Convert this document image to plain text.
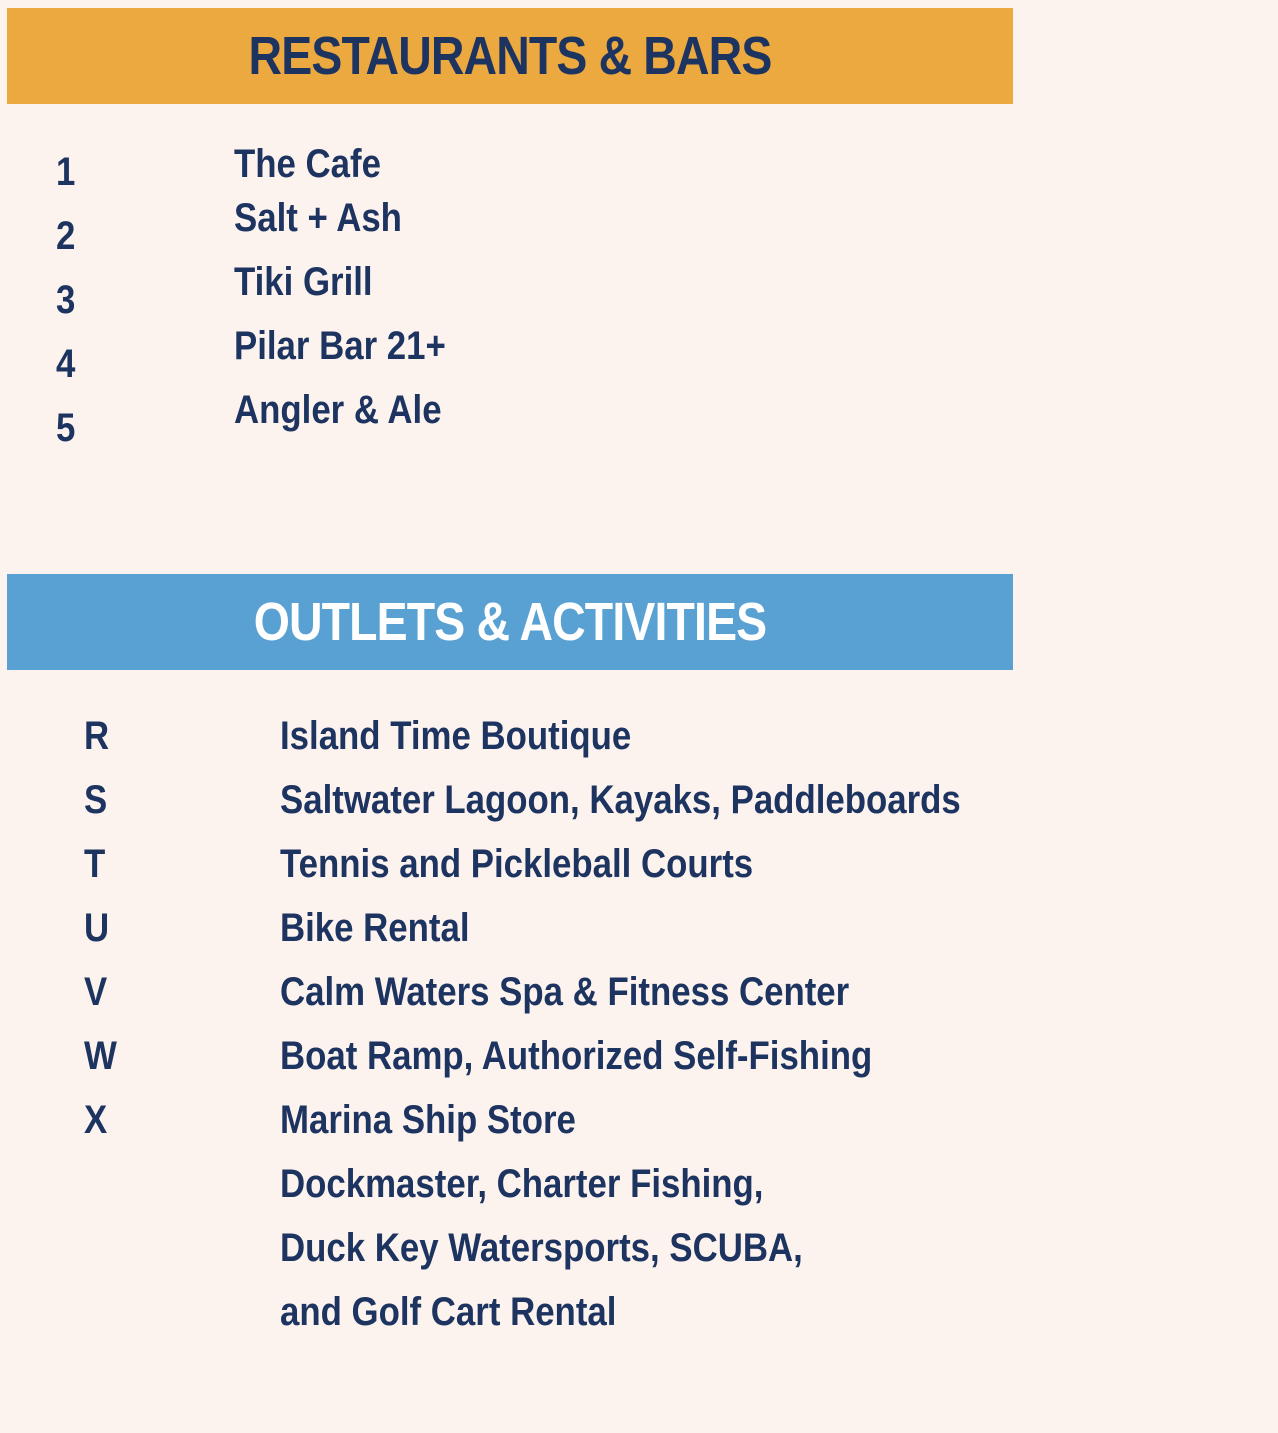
RESTAURANTS & BARS
1	The Cafe
2	Salt + Ash
3	Tiki Grill
4	Pilar Bar 21+
5	Angler & Ale
OUTLETS & ACTIVITIES
R	Island Time Boutique
S	Saltwater Lagoon, Kayaks, Paddleboards
T	Tennis and Pickleball Courts
U	Bike Rental
V	Calm Waters Spa & Fitness Center
W	Boat Ramp, Authorized Self-Fishing
X	Marina Ship Store
Dockmaster, Charter Fishing,
Duck Key Watersports, SCUBA,
and Golf Cart Rental
